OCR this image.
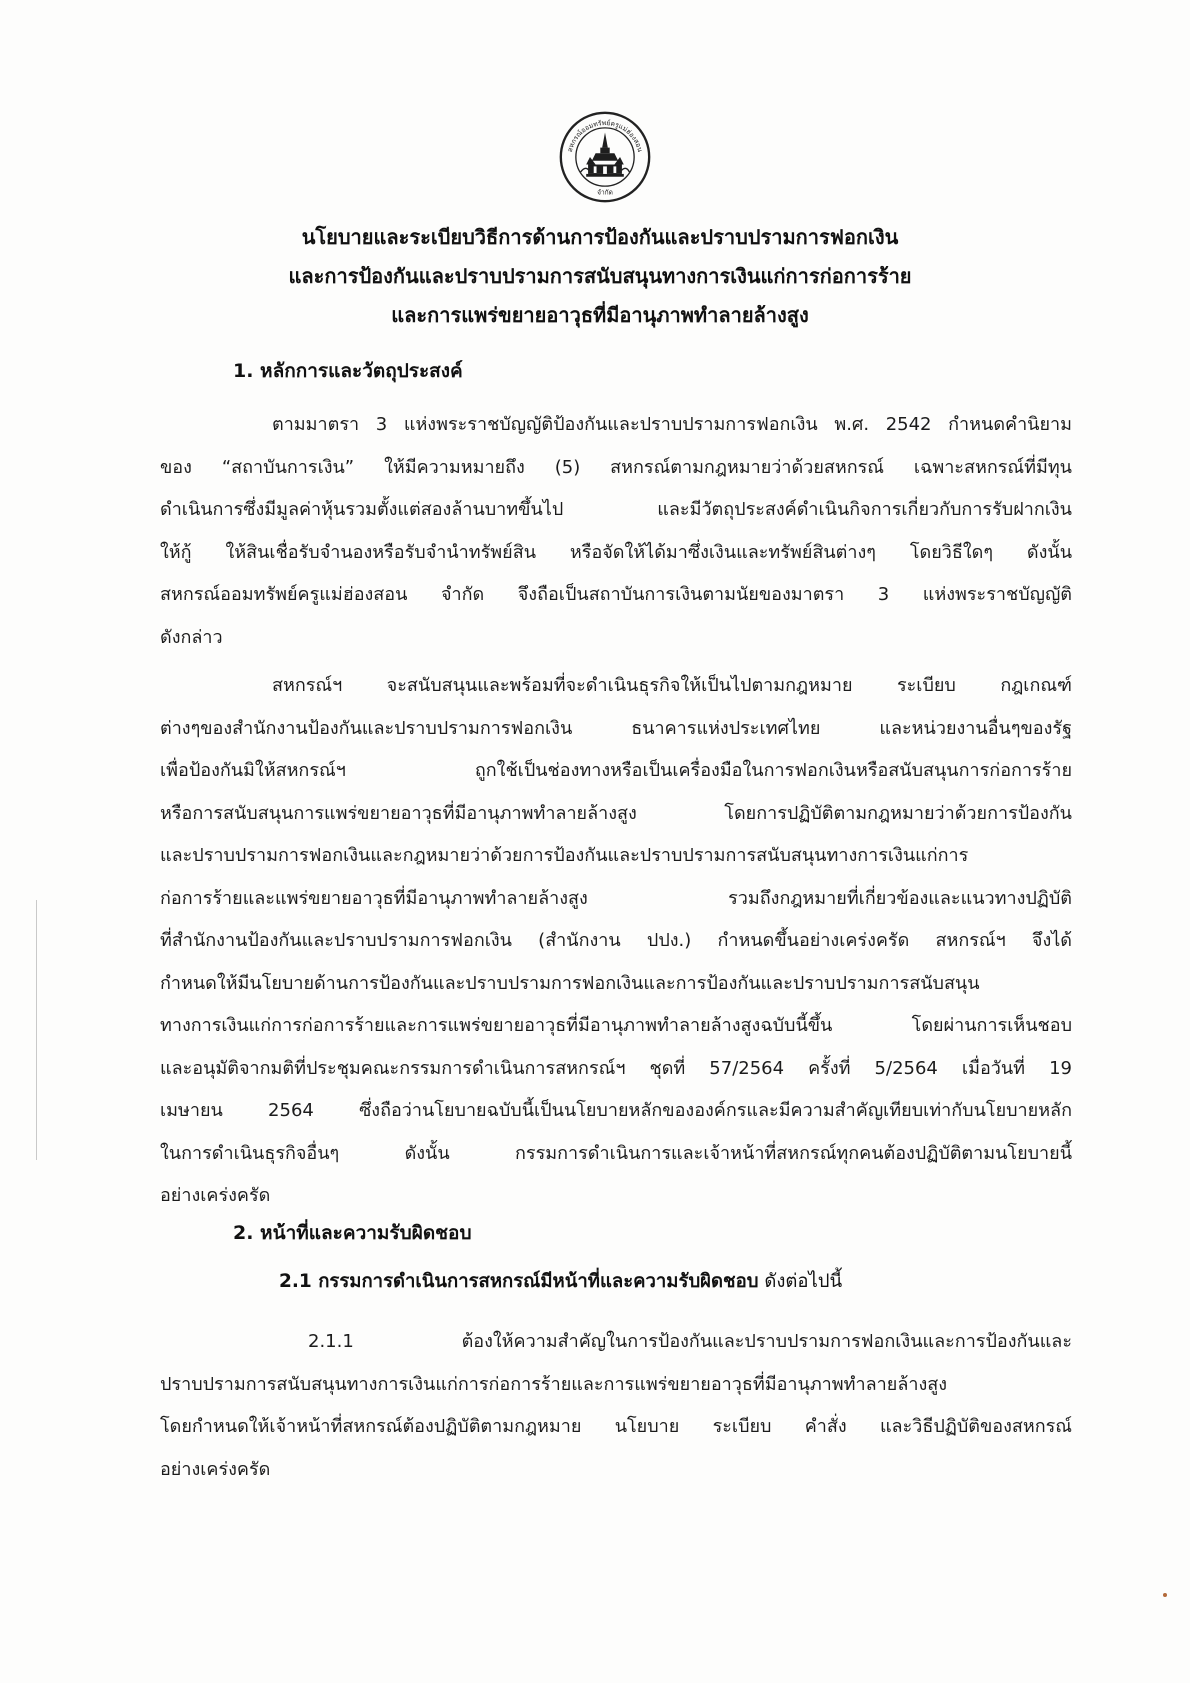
สหกรณ์ออมทรัพย์ครูแม่ฮ่องสอน
จำกัด
นโยบายและระเบียบวิธีการด้านการป้องกันและปราบปรามการฟอกเงิน
และการป้องกันและปราบปรามการสนับสนุนทางการเงินแก่การก่อการร้าย
และการแพร่ขยายอาวุธที่มีอานุภาพทำลายล้างสูง
1. หลักการและวัตถุประสงค์
ตามมาตรา 3 แห่งพระราชบัญญัติป้องกันและปราบปรามการฟอกเงิน พ.ศ. 2542 กำหนดคำนิยาม
ของ “สถาบันการเงิน” ให้มีความหมายถึง (5) สหกรณ์ตามกฎหมายว่าด้วยสหกรณ์ เฉพาะสหกรณ์ที่มีทุน
ดำเนินการซึ่งมีมูลค่าหุ้นรวมตั้งแต่สองล้านบาทขึ้นไป และมีวัตถุประสงค์ดำเนินกิจการเกี่ยวกับการรับฝากเงิน
ให้กู้ ให้สินเชื่อรับจำนองหรือรับจำนำทรัพย์สิน หรือจัดให้ได้มาซึ่งเงินและทรัพย์สินต่างๆ โดยวิธีใดๆ ดังนั้น
สหกรณ์ออมทรัพย์ครูแม่ฮ่องสอน จำกัด จึงถือเป็นสถาบันการเงินตามนัยของมาตรา 3 แห่งพระราชบัญญัติ
ดังกล่าว
สหกรณ์ฯ จะสนับสนุนและพร้อมที่จะดำเนินธุรกิจให้เป็นไปตามกฎหมาย ระเบียบ กฎเกณฑ์
ต่างๆของสำนักงานป้องกันและปราบปรามการฟอกเงิน ธนาคารแห่งประเทศไทย และหน่วยงานอื่นๆของรัฐ
เพื่อป้องกันมิให้สหกรณ์ฯ ถูกใช้เป็นช่องทางหรือเป็นเครื่องมือในการฟอกเงินหรือสนับสนุนการก่อการร้าย
หรือการสนับสนุนการแพร่ขยายอาวุธที่มีอานุภาพทำลายล้างสูง โดยการปฏิบัติตามกฎหมายว่าด้วยการป้องกัน
และปราบปรามการฟอกเงินและกฎหมายว่าด้วยการป้องกันและปราบปรามการสนับสนุนทางการเงินแก่การ
ก่อการร้ายและแพร่ขยายอาวุธที่มีอานุภาพทำลายล้างสูง รวมถึงกฎหมายที่เกี่ยวข้องและแนวทางปฏิบัติ
ที่สำนักงานป้องกันและปราบปรามการฟอกเงิน (สำนักงาน ปปง.) กำหนดขึ้นอย่างเคร่งครัด สหกรณ์ฯ จึงได้
กำหนดให้มีนโยบายด้านการป้องกันและปราบปรามการฟอกเงินและการป้องกันและปราบปรามการสนับสนุน
ทางการเงินแก่การก่อการร้ายและการแพร่ขยายอาวุธที่มีอานุภาพทำลายล้างสูงฉบับนี้ขึ้น โดยผ่านการเห็นชอบ
และอนุมัติจากมติที่ประชุมคณะกรรมการดำเนินการสหกรณ์ฯ ชุดที่ 57/2564 ครั้งที่ 5/2564 เมื่อวันที่ 19
เมษายน 2564 ซึ่งถือว่านโยบายฉบับนี้เป็นนโยบายหลักขององค์กรและมีความสำคัญเทียบเท่ากับนโยบายหลัก
ในการดำเนินธุรกิจอื่นๆ ดังนั้น กรรมการดำเนินการและเจ้าหน้าที่สหกรณ์ทุกคนต้องปฏิบัติตามนโยบายนี้
อย่างเคร่งครัด
2. หน้าที่และความรับผิดชอบ
2.1 กรรมการดำเนินการสหกรณ์มีหน้าที่และความรับผิดชอบ ดังต่อไปนี้
2.1.1 ต้องให้ความสำคัญในการป้องกันและปราบปรามการฟอกเงินและการป้องกันและ
ปราบปรามการสนับสนุนทางการเงินแก่การก่อการร้ายและการแพร่ขยายอาวุธที่มีอานุภาพทำลายล้างสูง
โดยกำหนดให้เจ้าหน้าที่สหกรณ์ต้องปฏิบัติตามกฎหมาย นโยบาย ระเบียบ คำสั่ง และวิธีปฏิบัติของสหกรณ์
อย่างเคร่งครัด
